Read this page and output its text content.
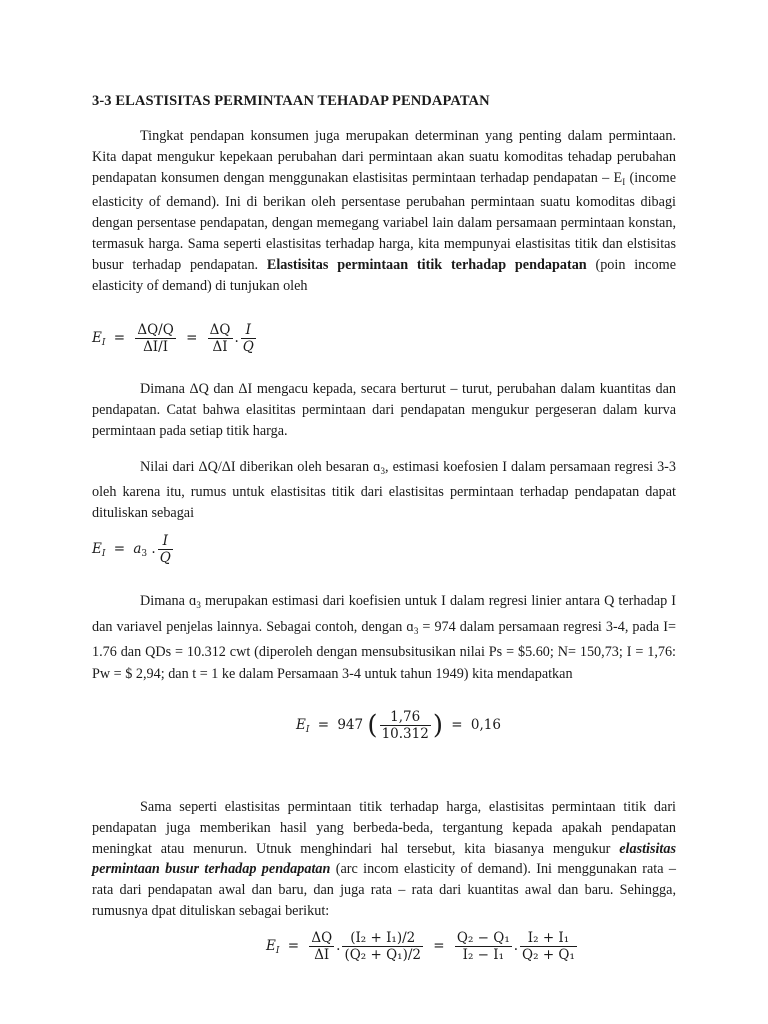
3-3 ELASTISITAS PERMINTAAN TEHADAP PENDAPATAN

Tingkat pendapan konsumen juga merupakan determinan yang penting dalam permintaan. Kita dapat mengukur kepekaan perubahan dari permintaan akan suatu komoditas tehadap perubahan pendapatan konsumen dengan menggunakan elastisitas permintaan terhadap pendapatan – $E_I$ (income elasticity of demand). Ini di berikan oleh persentase perubahan permintaan suatu komoditas dibagi dengan persentase pendapatan, dengan memegang variabel lain dalam persamaan permintaan konstan, termasuk harga. Sama seperti elastisitas terhadap harga, kita mempunyai elastisitas titik dan elstisitas busur terhadap pendapatan. Elastisitas permintaan titik terhadap pendapatan (poin income elasticity of demand) di tunjukan oleh

$E_I = \frac{\Delta Q/Q}{\Delta I/I} = \frac{\Delta Q}{\Delta I}$ . $\frac{I}{Q}$

Dimana ΔQ dan ΔI mengacu kepada, secara berturut – turut, perubahan dalam kuantitas dan pendapatan. Catat bahwa elasititas permintaan dari pendapatan mengukur pergeseran dalam kurva permintaan pada setiap titik harga.

Nilai dari ΔQ/ΔI diberikan oleh besaran ɑ$_3$, estimasi koefosien I dalam persamaan regresi 3-3 oleh karena itu, rumus untuk elastisitas titik dari elastisitas permintaan terhadap pendapatan dapat dituliskan sebagai

$E_I = a_3$ . $\frac{I}{Q}$

Dimana ɑ$_3$ merupakan estimasi dari koefisien untuk I dalam regresi linier antara Q terhadap I dan variavel penjelas lainnya. Sebagai contoh, dengan ɑ$_3$ = 974 dalam persamaan regresi 3-4, pada I= 1.76 dan QDs = 10.312 cwt (diperoleh dengan mensubsitusikan nilai Ps = $5.60; N= 150,73; I = 1,76: Pw = $ 2,94; dan t = 1 ke dalam Persamaan 3-4 untuk tahun 1949) kita mendapatkan

$E_I = 947$ ( $\frac{1,76}{10.312}$ ) = 0,16

Sama seperti elastisitas permintaan titik terhadap harga, elastisitas permintaan titik dari pendapatan juga memberikan hasil yang berbeda-beda, tergantung kepada apakah pendapatan meningkat atau menurun. Utnuk menghindari hal tersebut, kita biasanya mengukur elastisitas permintaan busur terhadap pendapatan (arc incom elasticity of demand). Ini menggunakan rata – rata dari pendapatan awal dan baru, dan juga rata – rata dari kuantitas awal dan baru. Sehingga, rumusnya dpat dituliskan sebagai berikut:

$E_I = \frac{\Delta Q}{\Delta I}$ . $\frac{\text{(I₂ + I₁)/2}}{\text{(Q₂ + Q₁)/2}} = \frac{\text{Q₂ − Q₁}}{\text{I₂ − I₁}}$ . $\frac{\text{I₂ + I₁}}{\text{Q₂ + Q₁}}$
